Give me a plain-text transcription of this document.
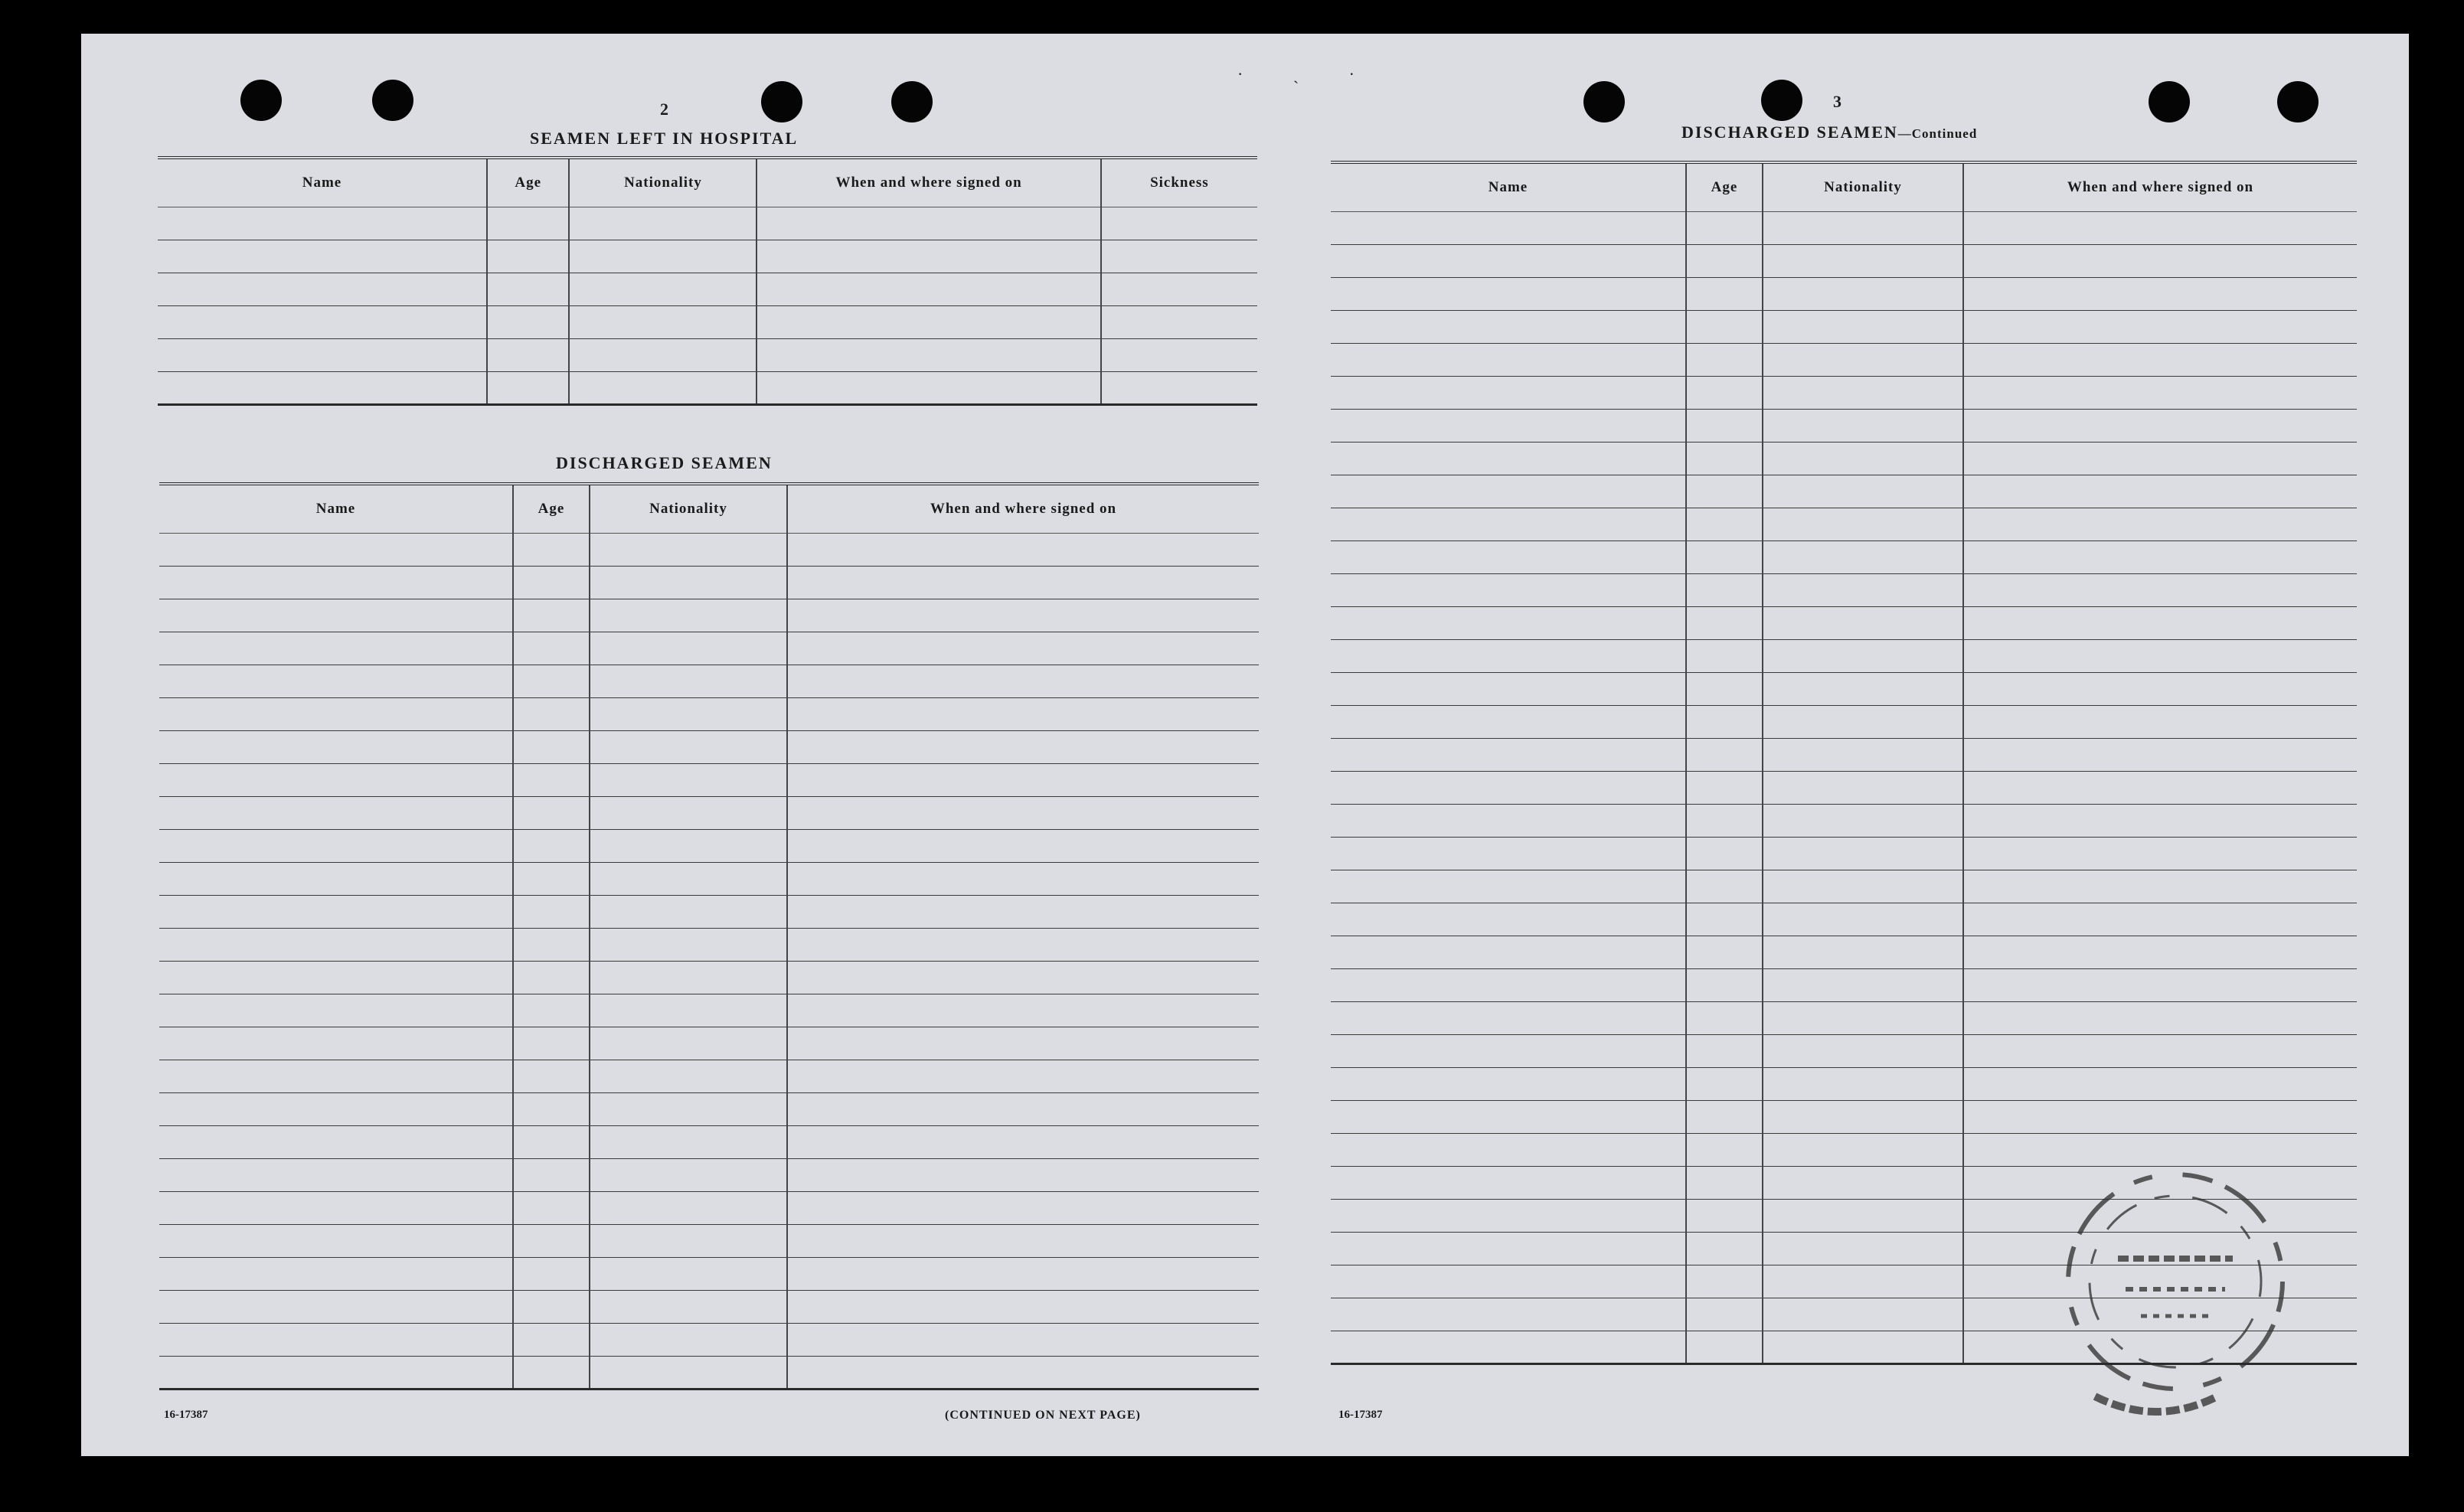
· ˎ ·
2
SEAMEN LEFT IN HOSPITAL
Name	Age	Nationality	When and where signed on	Sickness

DISCHARGED SEAMEN
Name	Age	Nationality	When and where signed on

16-17387	(CONTINUED ON NEXT PAGE)
3
DISCHARGED SEAMEN—Continued
Name	Age	Nationality	When and where signed on

16-17387
